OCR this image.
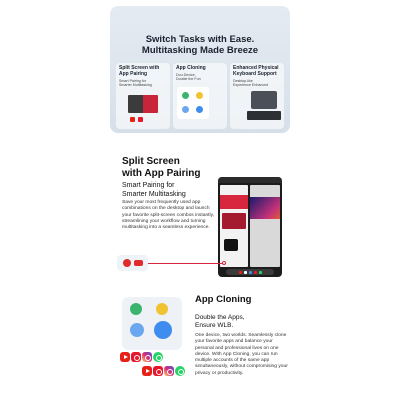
Switch Tasks with Ease.
Multitasking Made Breeze
Split Screen with
App Pairing
Smart Pairing for
Smarter Multitasking
App Cloning
Dou Device,
Double the Fun
Enhanced Physical
Keyboard Support
Desktop-like
Experience Enhanced
Split Screen
with App Pairing
Smart Pairing for
Smarter Multitasking
Save your most frequently used app combinations on the desktop and launch your favorite split-screen combos instantly, streamlining your workflow and turning multitasking into a seamless experience.
App Cloning
Double the Apps,
Ensure WLB.
One device, two worlds. Seamlessly clone your favorite apps and balance your personal and professional lives on one device. With App Cloning, you can run multiple accounts of the same app simultaneously, without compromising your privacy or productivity.
